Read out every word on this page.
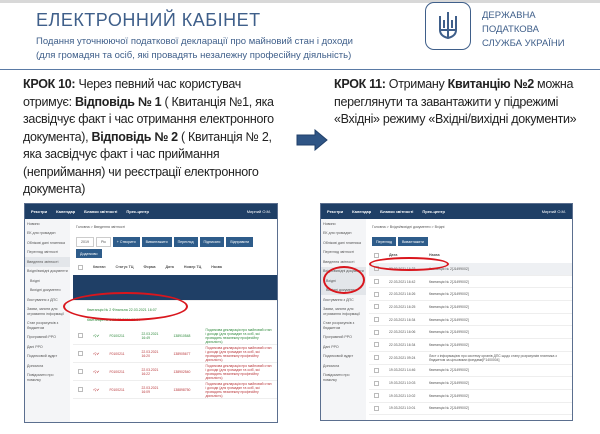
ЕЛЕКТРОННИЙ КАБІНЕТ
Подання уточнюючої податкової декларації про майновий стан і доходи
(для громадян та осіб, які провадять незалежну професійну діяльність)
ДЕРЖАВНА
ПОДАТКОВА
СЛУЖБА УКРАЇНИ
КРОК 10: Через певний час користувач отримує: Відповідь № 1 ( Квитанція №1, яка засвідчує факт і час отримання електронного документа), Відповідь № 2 ( Квитанція № 2, яка засвідчує факт і час приймання (неприймання) чи реєстрації електронного документа)
КРОК 11: Отриману Квитанцію №2 можна переглянути та завантажити у підрежимі «Вхідні» режиму «Вхідні/вихідні документи»
Реєстри Календар Бланки звітності Прес-центр	Мирний О.М.
Новини
ЕК для громадян
Облікові дані платника
Перегляд звітності
Введення звітності
Вхідні/вихідні документи
Вхідні
Вихідні документи
Листування з ДПС
Заяви, запити для отримання інформації
Стан розрахунків з бюджетом
Програмний РРО
Дані РРО
Податковий аудит
Допомога
Повідомити про помилку
Головна > Введення звітності
2019	Рік	+ Створити	Вивантажити	Перегляд	Підписати	Відправити
Додатково
Квитан	Статус ТЦ	Форма	Дата	Номер ТЦ	Назва
Квитанція № 2 Фінальна 22.03.2021 16:07
Квитанція № 1 22.03.2021 16:04
›⚲✔	F0100211	22.03.2021 16:49	138910548
Податкова декларація про майновий стан і доходи (для громадян та осіб, які провадять незалежну професійну діяльність)
›⚲✔	F0100211	22.03.2021 16:20	138905677
Податкова декларація про майновий стан і доходи (для громадян та осіб, які провадять незалежну професійну діяльність)
›⚲✔	F0100211	22.03.2021 16:22	138902540
Податкова декларація про майновий стан і доходи (для громадян та осіб, які провадять незалежну професійну діяльність)
›⚲✔	F0100211	22.03.2021 16:09	138898750
Податкова декларація про майновий стан і доходи (для громадян та осіб, які провадять незалежну професійну діяльність)
Реєстри Календар Бланки звітності Прес-центр	Мирний О.М.
Новини
ЕК для громадян
Облікові дані платника
Перегляд звітності
Введення звітності
Вхідні/вихідні документи
Вхідні
Вихідні документи
Листування з ДПС
Заяви, запити для отримання інформації
Стан розрахунків з бюджетом
Програмний РРО
Дані РРО
Податковий аудит
Допомога
Повідомити про помилку
Головна > Вхідні/вихідні документи > Вхідні
Перегляд	Вивантажити
Дата	Назва
22.03.2021 16:33	Квитанція № 2[J1499002]
22.03.2021 16:42	Квитанція № 2[J1499002]
22.03.2021 16:26	Квитанція № 2[J1499002]
22.03.2021 16:25	Квитанція № 2[J1499002]
22.03.2021 16:34	Квитанція № 2[J1499002]
22.03.2021 16:06	Квитанція № 2[J1499002]
22.03.2021 16:34	Квитанція № 2[J1499002]
22.03.2021 09:24	Лист з інформацією про систему органів ДПС щодо стану розрахунків платника з бюджетом за цільовими фондами[F1400004]
19.03.2021 14:46	Квитанція № 2[J1499002]
19.03.2021 10:03	Квитанція № 2[J1499002]
19.03.2021 10:02	Квитанція № 2[J1499002]
19.03.2021 10:01	Квитанція № 2[J1499002]
